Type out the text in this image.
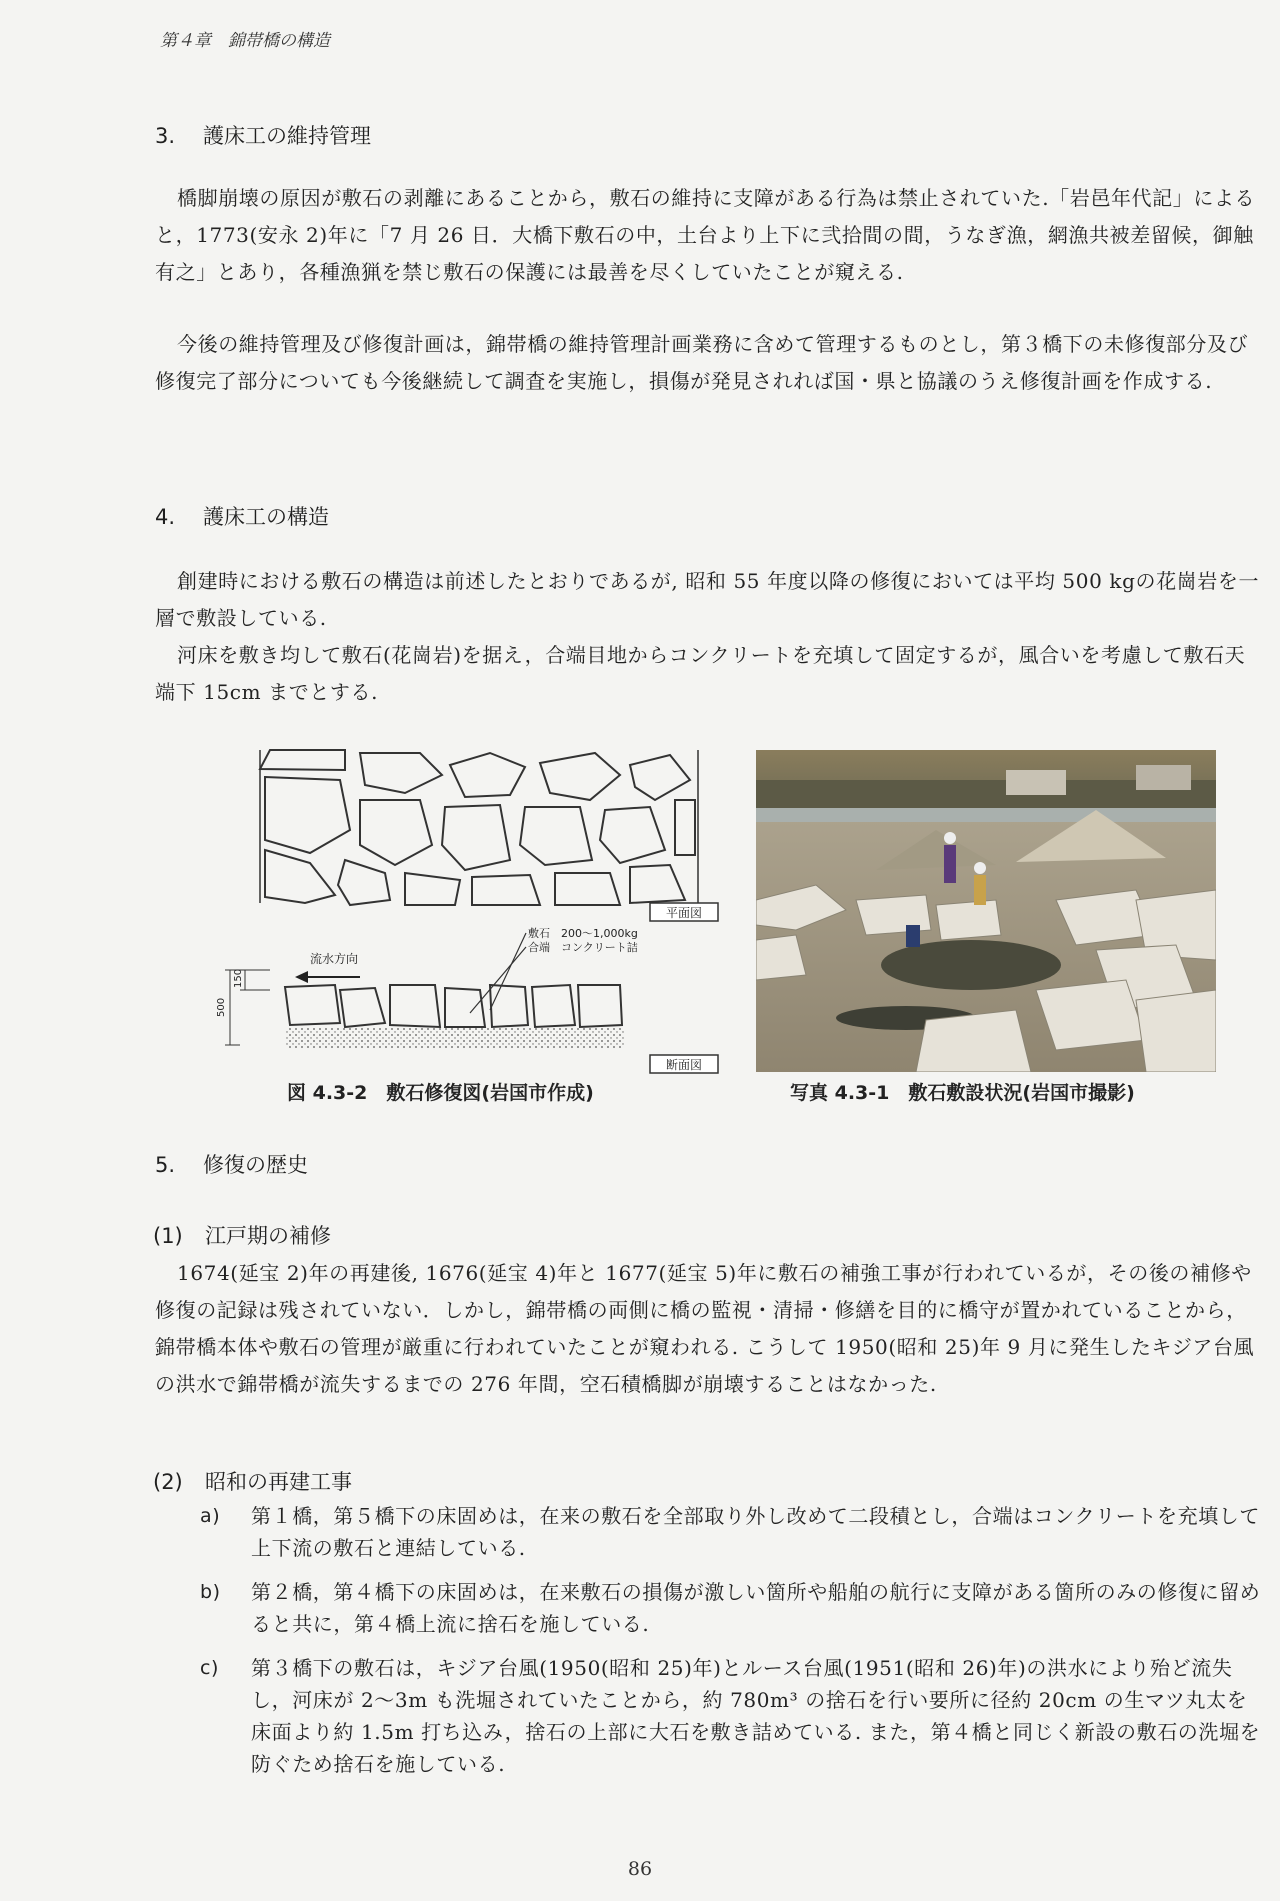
第４章　錦帯橋の構造
3. 護床工の維持管理

橋脚崩壊の原因が敷石の剥離にあることから，敷石の維持に支障がある行為は禁止されていた.「岩邑年代記」によると，1773(安永 2)年に「7 月 26 日．大橋下敷石の中，土台より上下に弐拾間の間，うなぎ漁，網漁共被差留候，御触有之」とあり，各種漁猟を禁じ敷石の保護には最善を尽くしていたことが窺える.

今後の維持管理及び修復計画は，錦帯橋の維持管理計画業務に含めて管理するものとし，第３橋下の未修復部分及び修復完了部分についても今後継続して調査を実施し，損傷が発見されれば国・県と協議のうえ修復計画を作成する.

4. 護床工の構造

創建時における敷石の構造は前述したとおりであるが, 昭和 55 年度以降の修復においては平均 500 kgの花崗岩を一層で敷設している.

河床を敷き均して敷石(花崗岩)を据え，合端目地からコンクリートを充填して固定するが，風合いを考慮して敷石天端下 15cm までとする.

平面図
敷石　200～1,000kg
合端　コンクリート詰
流水方向
500
150
断面図
図 4.3-2　敷石修復図(岩国市作成)	写真 4.3-1　敷石敷設状況(岩国市撮影)
5. 修復の歴史
(1) 江戸期の補修

1674(延宝 2)年の再建後, 1676(延宝 4)年と 1677(延宝 5)年に敷石の補強工事が行われているが，その後の補修や修復の記録は残されていない．しかし，錦帯橋の両側に橋の監視・清掃・修繕を目的に橋守が置かれていることから，錦帯橋本体や敷石の管理が厳重に行われていたことが窺われる. こうして 1950(昭和 25)年 9 月に発生したキジア台風の洪水で錦帯橋が流失するまでの 276 年間，空石積橋脚が崩壊することはなかった.

(2) 昭和の再建工事
a)	第１橋，第５橋下の床固めは，在来の敷石を全部取り外し改めて二段積とし，合端はコンクリートを充填して上下流の敷石と連結している.
b)	第２橋，第４橋下の床固めは，在来敷石の損傷が激しい箇所や船舶の航行に支障がある箇所のみの修復に留めると共に，第４橋上流に捨石を施している.
c)	第３橋下の敷石は，キジア台風(1950(昭和 25)年)とルース台風(1951(昭和 26)年)の洪水により殆ど流失し，河床が 2～3m も洗堀されていたことから，約 780m³ の捨石を行い要所に径約 20cm の生マツ丸太を床面より約 1.5m 打ち込み，捨石の上部に大石を敷き詰めている. また，第４橋と同じく新設の敷石の洗堀を防ぐため捨石を施している.
86
